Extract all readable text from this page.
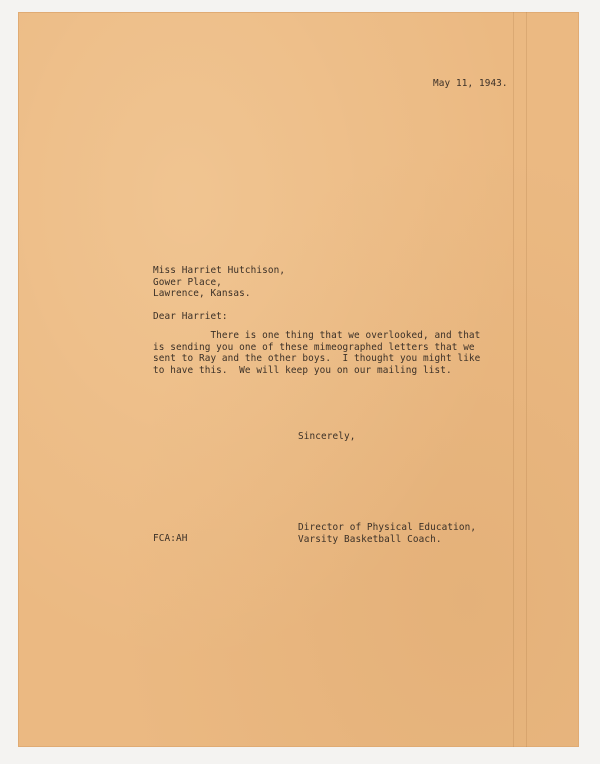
May 11, 1943.

Miss Harriet Hutchison,
Gower Place,
Lawrence, Kansas.

Dear Harriet:

There is one thing that we overlooked, and that
is sending you one of these mimeographed letters that we
sent to Ray and the other boys.  I thought you might like
to have this.  We will keep you on our mailing list.

Sincerely,

FCA:AH

Director of Physical Education,
Varsity Basketball Coach.
